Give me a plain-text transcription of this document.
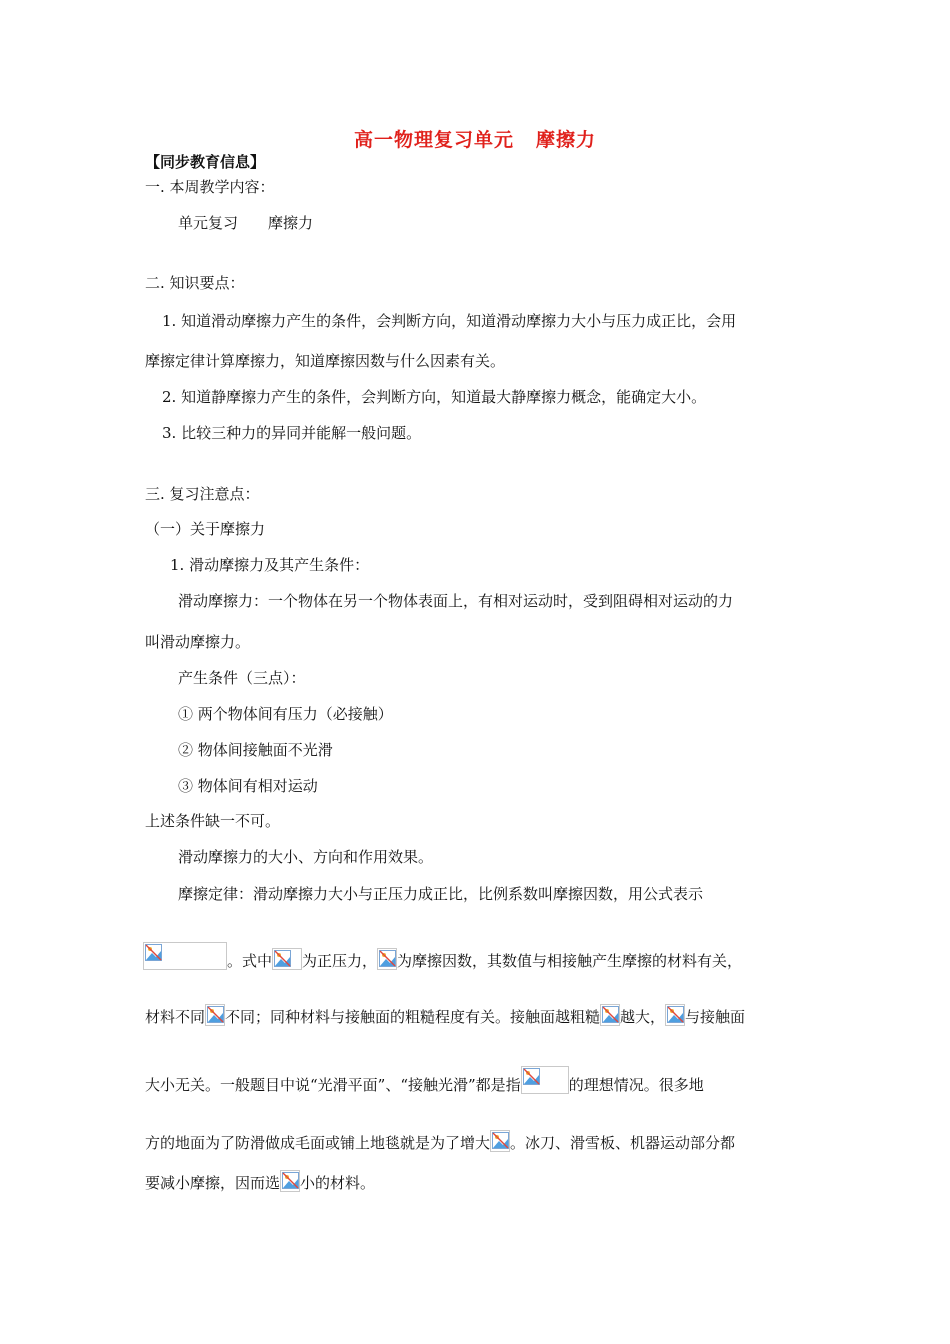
高一物理复习单元 摩擦力
【同步教育信息】
一. 本周教学内容：
单元复习　　摩擦力
二. 知识要点：
1. 知道滑动摩擦力产生的条件，会判断方向，知道滑动摩擦力大小与压力成正比，会用
摩擦定律计算摩擦力，知道摩擦因数与什么因素有关。
2. 知道静摩擦力产生的条件，会判断方向，知道最大静摩擦力概念，能确定大小。
3. 比较三种力的异同并能解一般问题。
三. 复习注意点：
（一）关于摩擦力
1. 滑动摩擦力及其产生条件：
滑动摩擦力：一个物体在另一个物体表面上，有相对运动时，受到阻碍相对运动的力
叫滑动摩擦力。
产生条件（三点）：
① 两个物体间有压力（必接触）
② 物体间接触面不光滑
③ 物体间有相对运动
上述条件缺一不可。
滑动摩擦力的大小、方向和作用效果。
摩擦定律：滑动摩擦力大小与正压力成正比，比例系数叫摩擦因数，用公式表示
。式中 为正压力， 为摩擦因数，其数值与相接触产生摩擦的材料有关，
材料不同 不同；同种材料与接触面的粗糙程度有关。接触面越粗糙 越大， 与接触面
大小无关。一般题目中说“光滑平面”、“接触光滑”都是指	的理想情况。很多地
方的地面为了防滑做成毛面或铺上地毯就是为了增大 。冰刀、滑雪板、机器运动部分都
要减小摩擦，因而选 小的材料。
